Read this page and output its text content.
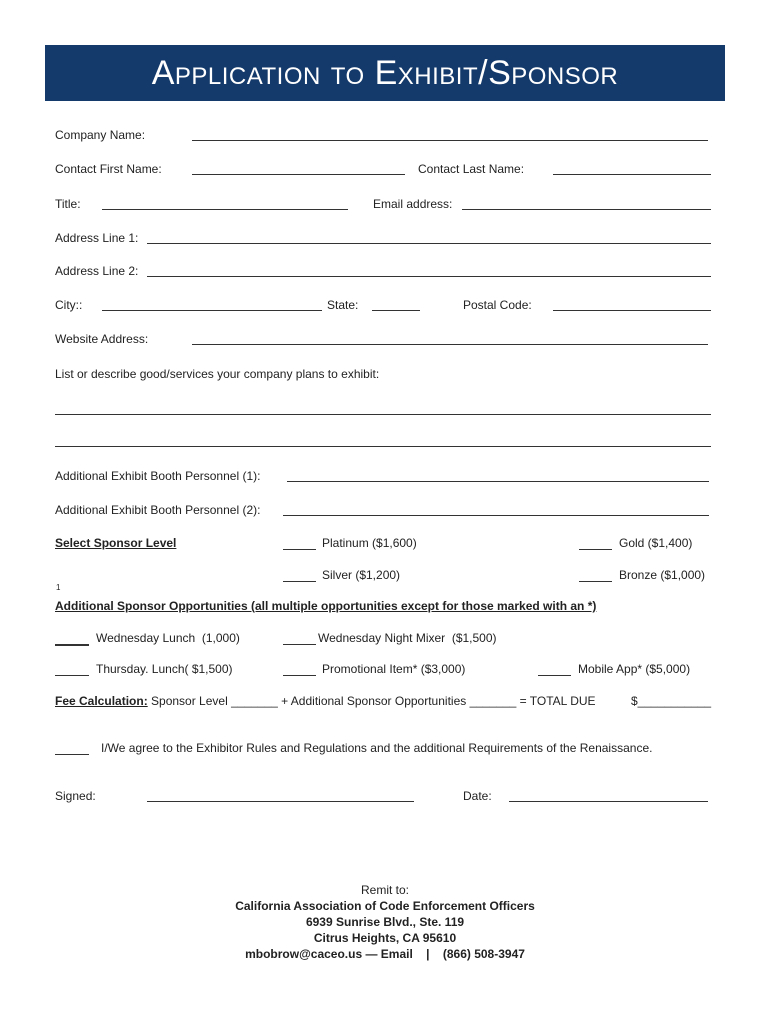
Application to Exhibit/Sponsor
Company Name:
Contact First Name:	Contact Last Name:
Title:	Email address:
Address Line 1:
Address Line 2:
City::	State:	Postal Code:
Website Address:
List or describe good/services your company plans to exhibit:
Additional Exhibit Booth Personnel (1):
Additional Exhibit Booth Personnel (2):
Select Sponsor Level	Platinum ($1,600)	Gold ($1,400)
Silver ($1,200)	Bronze ($1,000)
1
Additional Sponsor Opportunities (all multiple opportunities except for those marked with an *)
Wednesday Lunch  (1,000)	Wednesday Night Mixer  ($1,500)
Thursday. Lunch( $1,500)	Promotional Item* ($3,000)	Mobile App* ($5,000)
Fee Calculation: Sponsor Level _______ + Additional Sponsor Opportunities _______ = TOTAL DUE	$___________
I/We agree to the Exhibitor Rules and Regulations and the additional Requirements of the Renaissance.
Signed:	Date:
Remit to:
California Association of Code Enforcement Officers
6939 Sunrise Blvd., Ste. 119
Citrus Heights, CA 95610
mbobrow@caceo.us — Email    |    (866) 508-3947
